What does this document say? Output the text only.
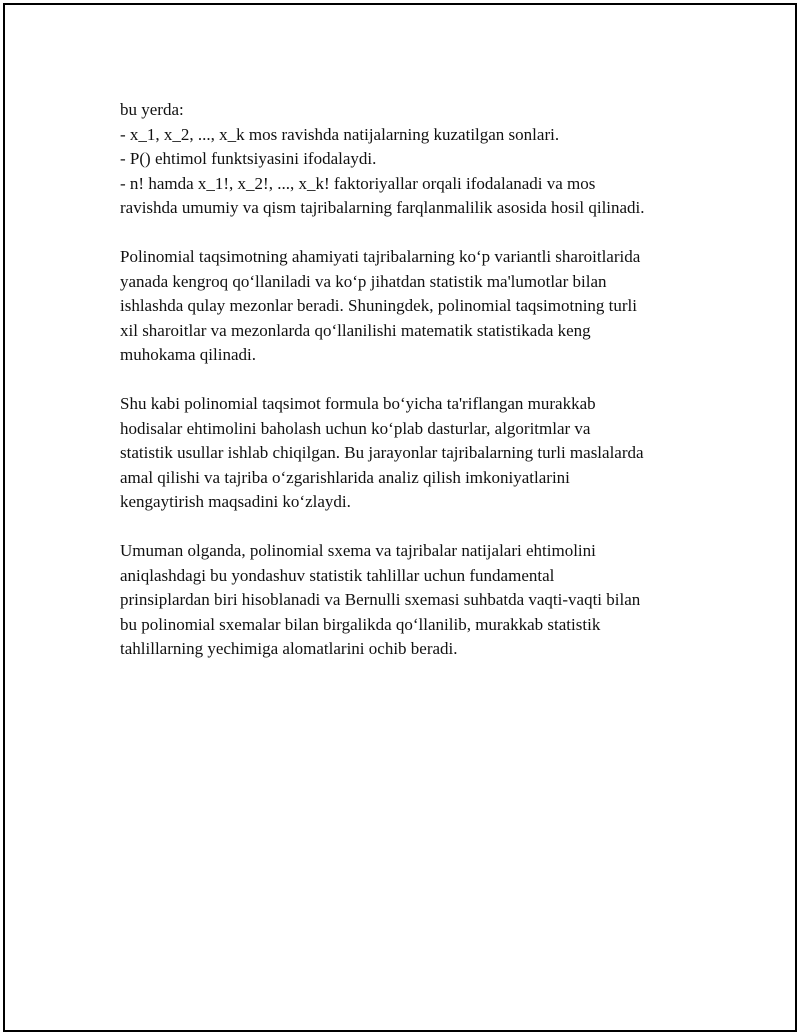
bu yerda:
- x_1, x_2, ..., x_k mos ravishda natijalarning kuzatilgan sonlari.
- P() ehtimol funktsiyasini ifodalaydi.
- n! hamda x_1!, x_2!, ..., x_k! faktoriyallar orqali ifodalanadi va mos
ravishda umumiy va qism tajribalarning farqlanmalilik asosida hosil qilinadi.

Polinomial taqsimotning ahamiyati tajribalarning ko‘p variantli sharoitlarida
yanada kengroq qo‘llaniladi va ko‘p jihatdan statistik ma'lumotlar bilan
ishlashda qulay mezonlar beradi. Shuningdek, polinomial taqsimotning turli
xil sharoitlar va mezonlarda qo‘llanilishi matematik statistikada keng
muhokama qilinadi.

Shu kabi polinomial taqsimot formula bo‘yicha ta'riflangan murakkab
hodisalar ehtimolini baholash uchun ko‘plab dasturlar, algoritmlar va
statistik usullar ishlab chiqilgan. Bu jarayonlar tajribalarning turli maslalarda
amal qilishi va tajriba o‘zgarishlarida analiz qilish imkoniyatlarini
kengaytirish maqsadini ko‘zlaydi.

Umuman olganda, polinomial sxema va tajribalar natijalari ehtimolini
aniqlashdagi bu yondashuv statistik tahlillar uchun fundamental
prinsiplardan biri hisoblanadi va Bernulli sxemasi suhbatda vaqti-vaqti bilan
bu polinomial sxemalar bilan birgalikda qo‘llanilib, murakkab statistik
tahlillarning yechimiga alomatlarini ochib beradi.
